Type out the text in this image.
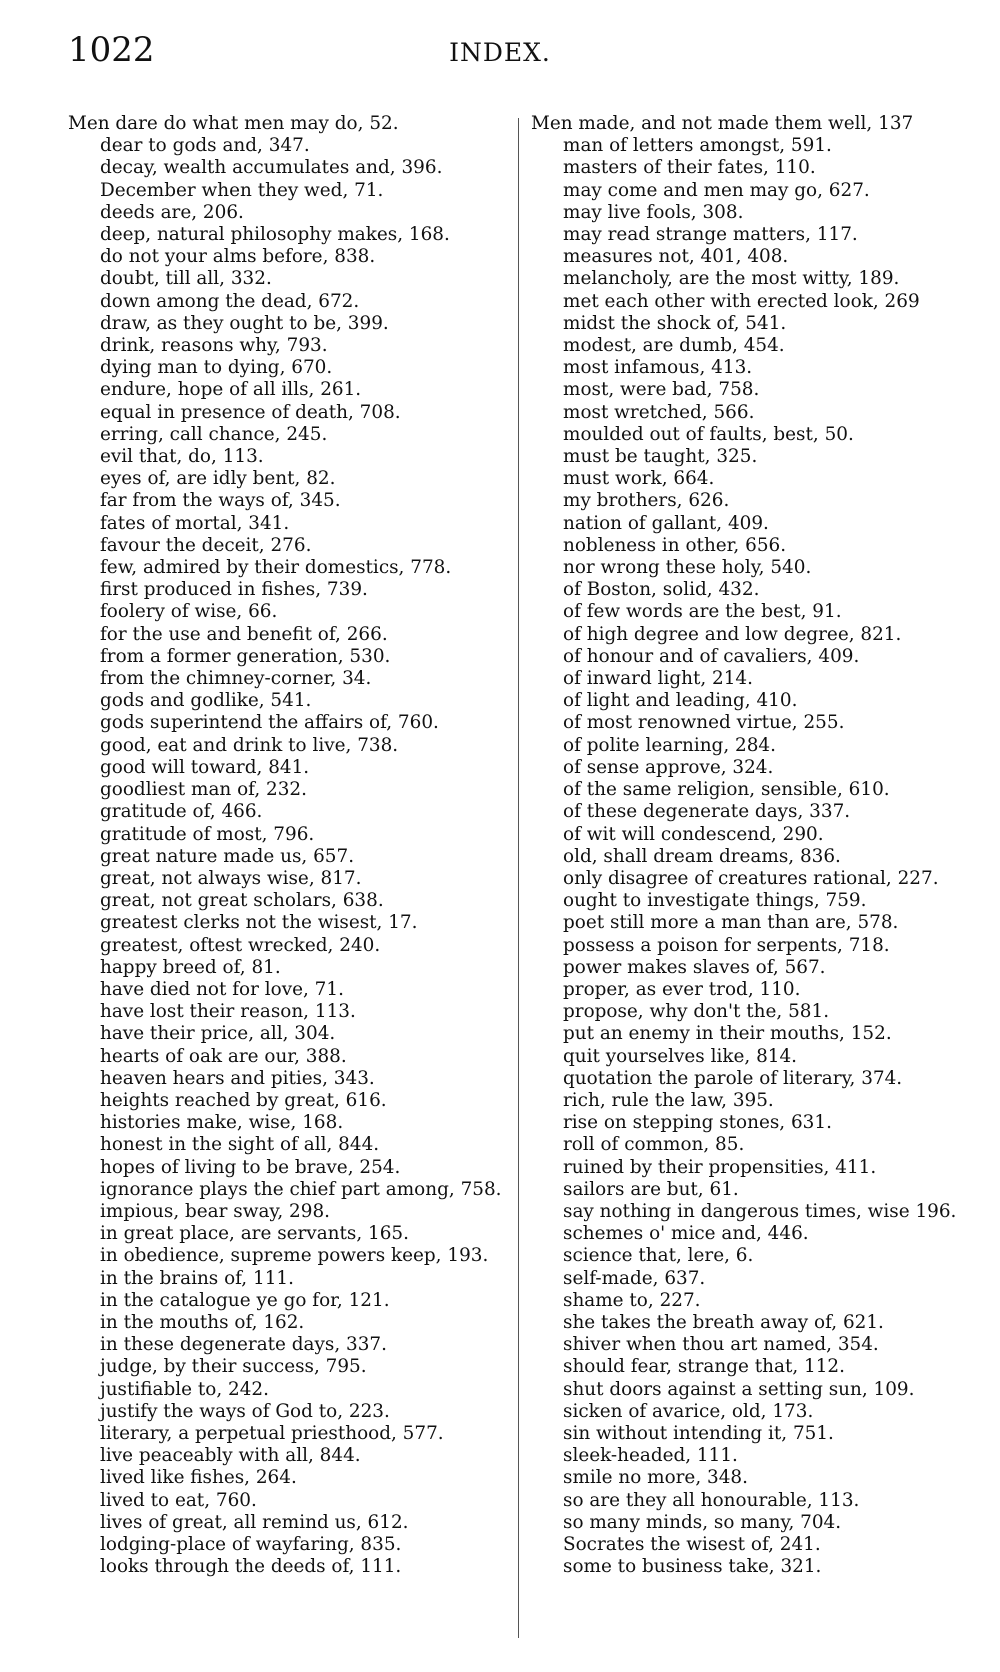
1022	INDEX.
Men dare do what men may do, 52.
dear to gods and, 347.
decay, wealth accumulates and, 396.
December when they wed, 71.
deeds are, 206.
deep, natural philosophy makes, 168.
do not your alms before, 838.
doubt, till all, 332.
down among the dead, 672.
draw, as they ought to be, 399.
drink, reasons why, 793.
dying man to dying, 670.
endure, hope of all ills, 261.
equal in presence of death, 708.
erring, call chance, 245.
evil that, do, 113.
eyes of, are idly bent, 82.
far from the ways of, 345.
fates of mortal, 341.
favour the deceit, 276.
few, admired by their domestics, 778.
first produced in fishes, 739.
foolery of wise, 66.
for the use and benefit of, 266.
from a former generation, 530.
from the chimney-corner, 34.
gods and godlike, 541.
gods superintend the affairs of, 760.
good, eat and drink to live, 738.
good will toward, 841.
goodliest man of, 232.
gratitude of, 466.
gratitude of most, 796.
great nature made us, 657.
great, not always wise, 817.
great, not great scholars, 638.
greatest clerks not the wisest, 17.
greatest, oftest wrecked, 240.
happy breed of, 81.
have died not for love, 71.
have lost their reason, 113.
have their price, all, 304.
hearts of oak are our, 388.
heaven hears and pities, 343.
heights reached by great, 616.
histories make, wise, 168.
honest in the sight of all, 844.
hopes of living to be brave, 254.
ignorance plays the chief part among, 758.
impious, bear sway, 298.
in great place, are servants, 165.
in obedience, supreme powers keep, 193.
in the brains of, 111.
in the catalogue ye go for, 121.
in the mouths of, 162.
in these degenerate days, 337.
judge, by their success, 795.
justifiable to, 242.
justify the ways of God to, 223.
literary, a perpetual priesthood, 577.
live peaceably with all, 844.
lived like fishes, 264.
lived to eat, 760.
lives of great, all remind us, 612.
lodging-place of wayfaring, 835.
looks through the deeds of, 111.
Men made, and not made them well, 137
man of letters amongst, 591.
masters of their fates, 110.
may come and men may go, 627.
may live fools, 308.
may read strange matters, 117.
measures not, 401, 408.
melancholy, are the most witty, 189.
met each other with erected look, 269
midst the shock of, 541.
modest, are dumb, 454.
most infamous, 413.
most, were bad, 758.
most wretched, 566.
moulded out of faults, best, 50.
must be taught, 325.
must work, 664.
my brothers, 626.
nation of gallant, 409.
nobleness in other, 656.
nor wrong these holy, 540.
of Boston, solid, 432.
of few words are the best, 91.
of high degree and low degree, 821.
of honour and of cavaliers, 409.
of inward light, 214.
of light and leading, 410.
of most renowned virtue, 255.
of polite learning, 284.
of sense approve, 324.
of the same religion, sensible, 610.
of these degenerate days, 337.
of wit will condescend, 290.
old, shall dream dreams, 836.
only disagree of creatures rational, 227.
ought to investigate things, 759.
poet still more a man than are, 578.
possess a poison for serpents, 718.
power makes slaves of, 567.
proper, as ever trod, 110.
propose, why don't the, 581.
put an enemy in their mouths, 152.
quit yourselves like, 814.
quotation the parole of literary, 374.
rich, rule the law, 395.
rise on stepping stones, 631.
roll of common, 85.
ruined by their propensities, 411.
sailors are but, 61.
say nothing in dangerous times, wise 196.
schemes o' mice and, 446.
science that, lere, 6.
self-made, 637.
shame to, 227.
she takes the breath away of, 621.
shiver when thou art named, 354.
should fear, strange that, 112.
shut doors against a setting sun, 109.
sicken of avarice, old, 173.
sin without intending it, 751.
sleek-headed, 111.
smile no more, 348.
so are they all honourable, 113.
so many minds, so many, 704.
Socrates the wisest of, 241.
some to business take, 321.
